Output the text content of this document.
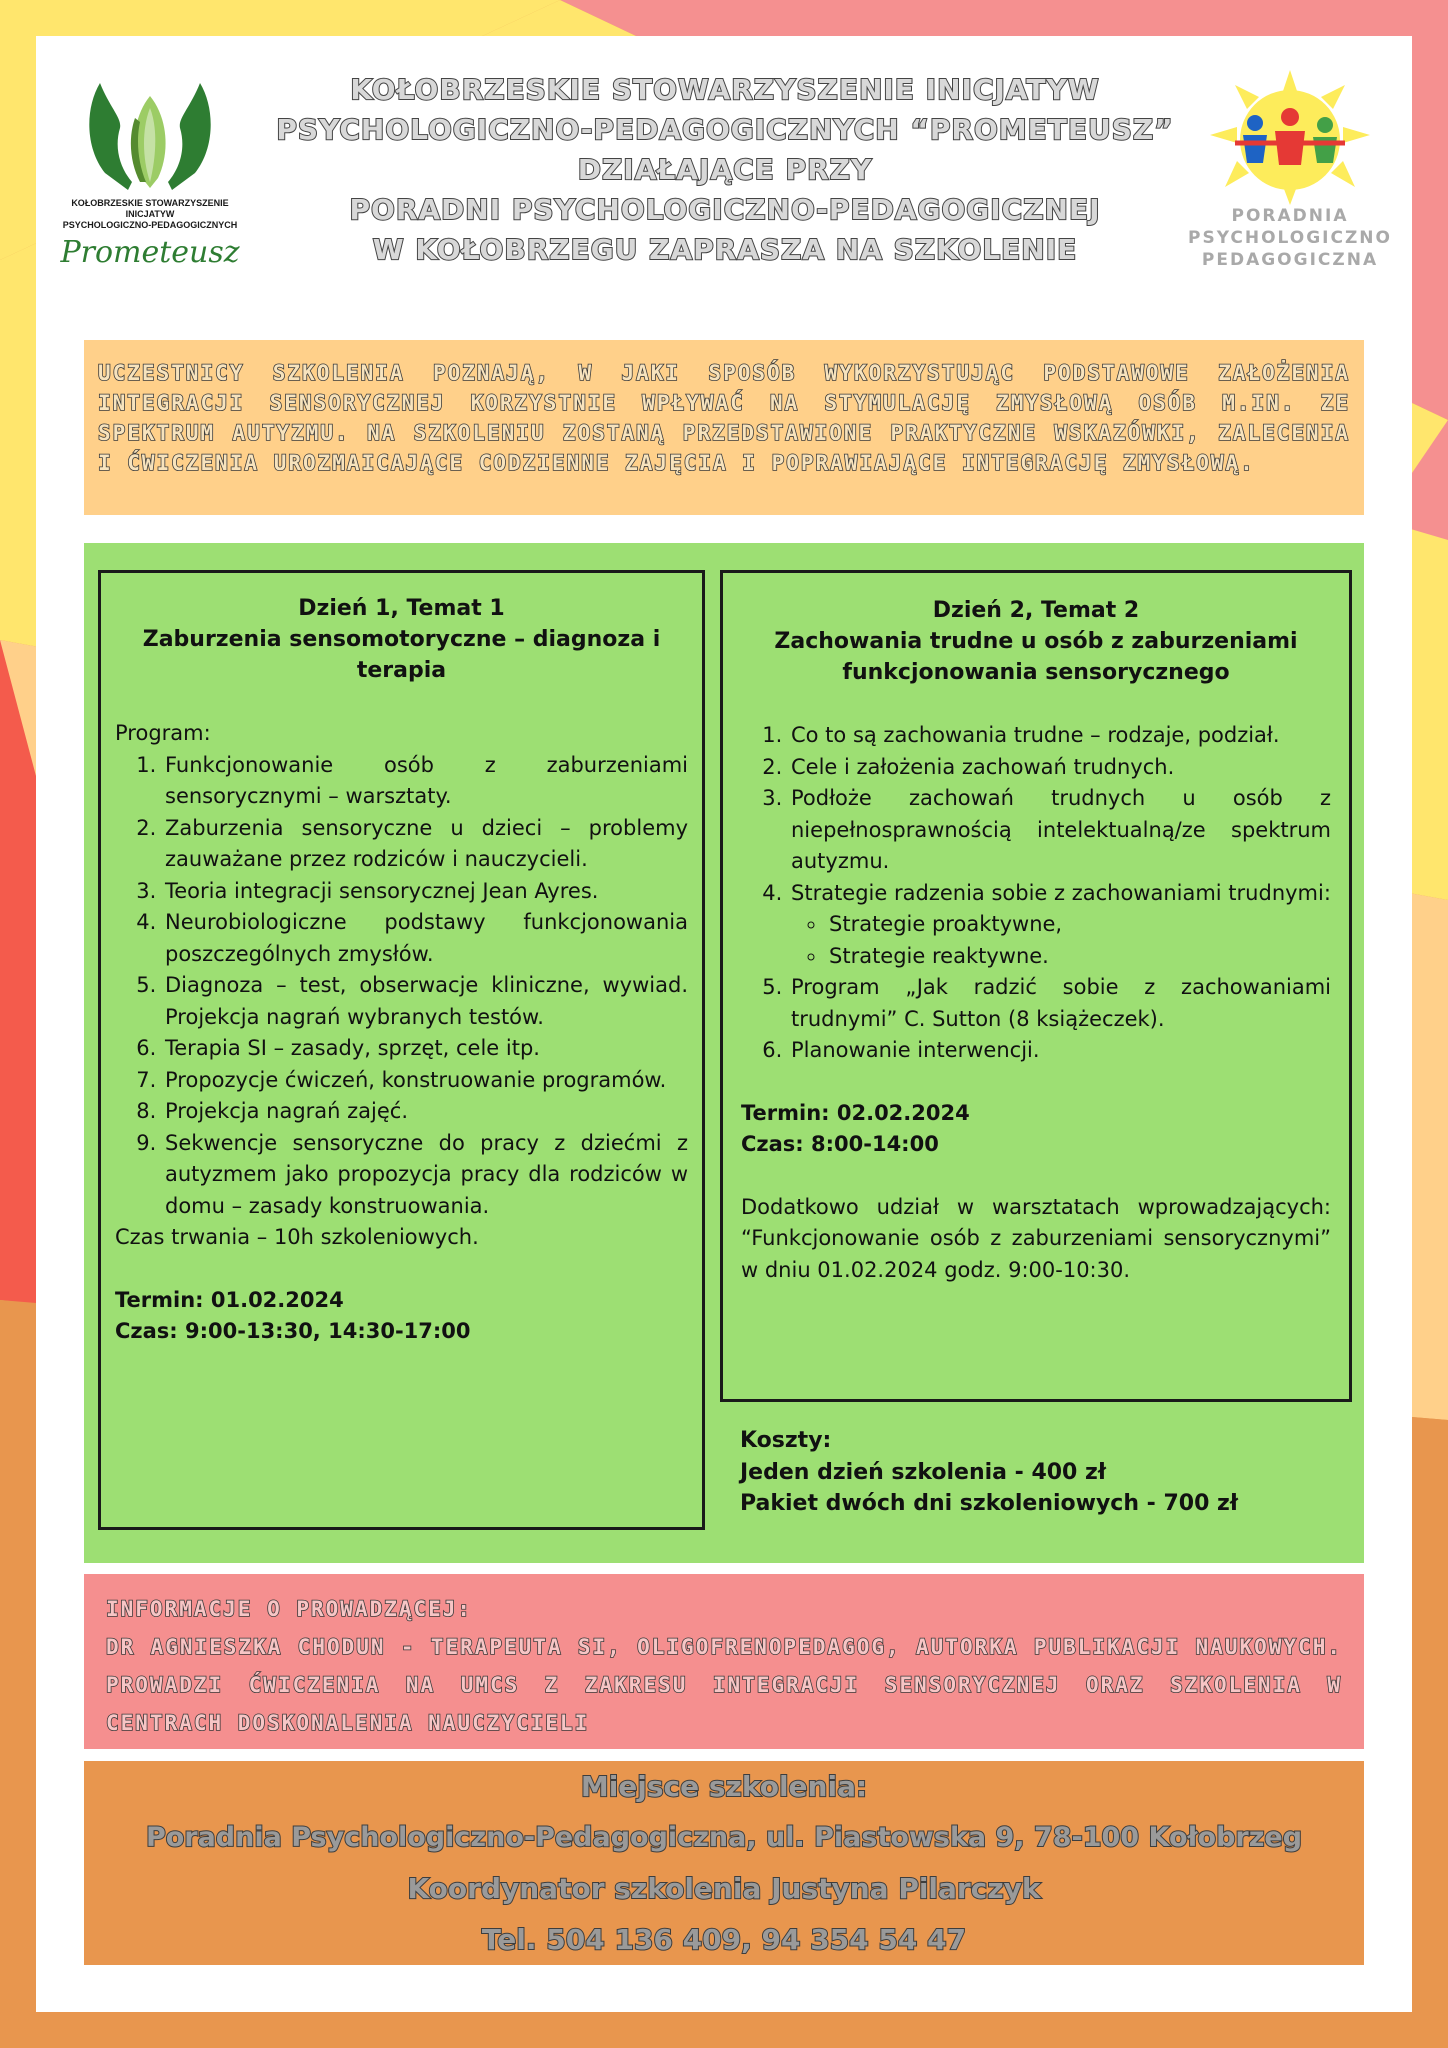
KOŁOBRZESKIE STOWARZYSZENIE
INICJATYW
PSYCHOLOGICZNO-PEDAGOGICZNYCH
Prometeusz
KOŁOBRZESKIE STOWARZYSZENIE INICJATYW
PSYCHOLOGICZNO-PEDAGOGICZNYCH “PROMETEUSZ”
DZIAŁAJĄCE PRZY
PORADNI PSYCHOLOGICZNO-PEDAGOGICZNEJ
W KOŁOBRZEGU ZAPRASZA NA SZKOLENIE
PORADNIA
PSYCHOLOGICZNO
PEDAGOGICZNA

UCZESTNICY SZKOLENIA POZNAJĄ, W JAKI SPOSÓB WYKORZYSTUJĄC PODSTAWOWE ZAŁOŻENIA INTEGRACJI SENSORYCZNEJ KORZYSTNIE WPŁYWAĆ NA STYMULACJĘ ZMYSŁOWĄ OSÓB M.IN. ZE SPEKTRUM AUTYZMU. NA SZKOLENIU ZOSTANĄ PRZEDSTAWIONE PRAKTYCZNE WSKAZÓWKI, ZALECENIA I ĆWICZENIA UROZMAICAJĄCE CODZIENNE ZAJĘCIA I POPRAWIAJĄCE INTEGRACJĘ ZMYSŁOWĄ.

Dzień 1, Temat 1
Zaburzenia sensomotoryczne – diagnoza i terapia
Program:
1. Funkcjonowanie osób z zaburzeniami sensorycznymi – warsztaty.
2. Zaburzenia sensoryczne u dzieci – problemy zauważane przez rodziców i nauczycieli.
3. Teoria integracji sensorycznej Jean Ayres.
4. Neurobiologiczne podstawy funkcjonowania poszczególnych zmysłów.
5. Diagnoza – test, obserwacje kliniczne, wywiad. Projekcja nagrań wybranych testów.
6. Terapia SI – zasady, sprzęt, cele itp.
7. Propozycje ćwiczeń, konstruowanie programów.
8. Projekcja nagrań zajęć.
9. Sekwencje sensoryczne do pracy z dziećmi z autyzmem jako propozycja pracy dla rodziców w domu – zasady konstruowania.
Czas trwania – 10h szkoleniowych.
Termin: 01.02.2024
Czas: 9:00-13:30, 14:30-17:00
Dzień 2, Temat 2
Zachowania trudne u osób z zaburzeniami funkcjonowania sensorycznego
1. Co to są zachowania trudne – rodzaje, podział.
2. Cele i założenia zachowań trudnych.
3. Podłoże zachowań trudnych u osób z niepełnosprawnością intelektualną/ze spektrum autyzmu.
4. Strategie radzenia sobie z zachowaniami trudnymi:
◦ Strategie proaktywne,
◦ Strategie reaktywne.
5. Program „Jak radzić sobie z zachowaniami trudnymi” C. Sutton (8 książeczek).
6. Planowanie interwencji.
Termin: 02.02.2024
Czas: 8:00-14:00
Dodatkowo udział w warsztatach wprowadzających: “Funkcjonowanie osób z zaburzeniami sensorycznymi” w dniu 01.02.2024 godz. 9:00-10:30.
Koszty:
Jeden dzień szkolenia - 400 zł
Pakiet dwóch dni szkoleniowych - 700 zł

INFORMACJE O PROWADZĄCEJ:

DR AGNIESZKA CHODUN - TERAPEUTA SI, OLIGOFRENOPEDAGOG, AUTORKA PUBLIKACJI NAUKOWYCH. PROWADZI ĆWICZENIA NA UMCS Z ZAKRESU INTEGRACJI SENSORYCZNEJ ORAZ SZKOLENIA W CENTRACH DOSKONALENIA NAUCZYCIELI

Miejsce szkolenia:
Poradnia Psychologiczno-Pedagogiczna, ul. Piastowska 9, 78-100 Kołobrzeg
Koordynator szkolenia Justyna Pilarczyk
Tel. 504 136 409, 94 354 54 47
